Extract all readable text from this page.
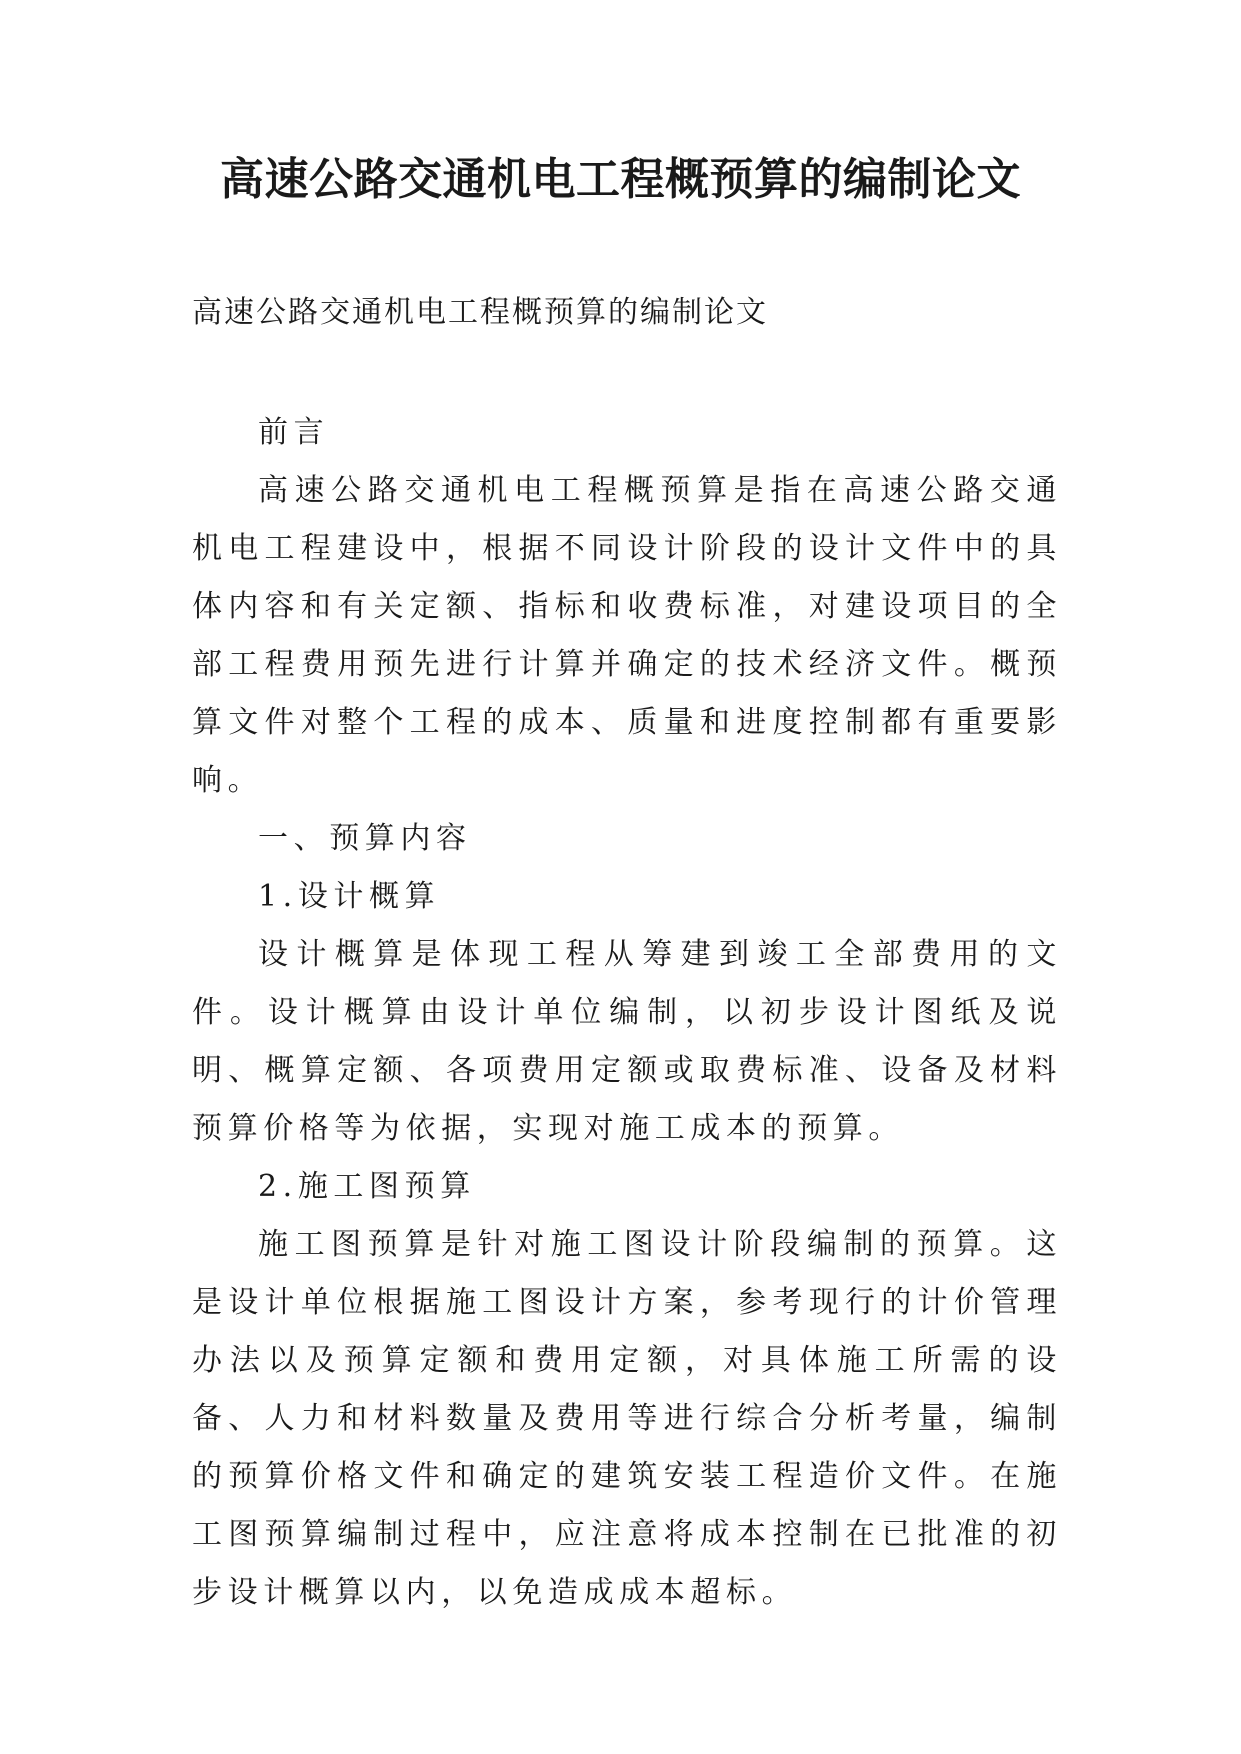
高速公路交通机电工程概预算的编制论文

高速公路交通机电工程概预算的编制论文

前言

高速公路交通机电工程概预算是指在高速公路交通机电工程建设中，根据不同设计阶段的设计文件中的具体内容和有关定额、指标和收费标准，对建设项目的全部工程费用预先进行计算并确定的技术经济文件。概预算文件对整个工程的成本、质量和进度控制都有重要影响。

一、预算内容

1.设计概算

设计概算是体现工程从筹建到竣工全部费用的文件。设计概算由设计单位编制，以初步设计图纸及说明、概算定额、各项费用定额或取费标准、设备及材料预算价格等为依据，实现对施工成本的预算。

2.施工图预算

施工图预算是针对施工图设计阶段编制的预算。这是设计单位根据施工图设计方案，参考现行的计价管理办法以及预算定额和费用定额，对具体施工所需的设备、人力和材料数量及费用等进行综合分析考量，编制的预算价格文件和确定的建筑安装工程造价文件。在施工图预算编制过程中，应注意将成本控制在已批准的初步设计概算以内，以免造成成本超标。
